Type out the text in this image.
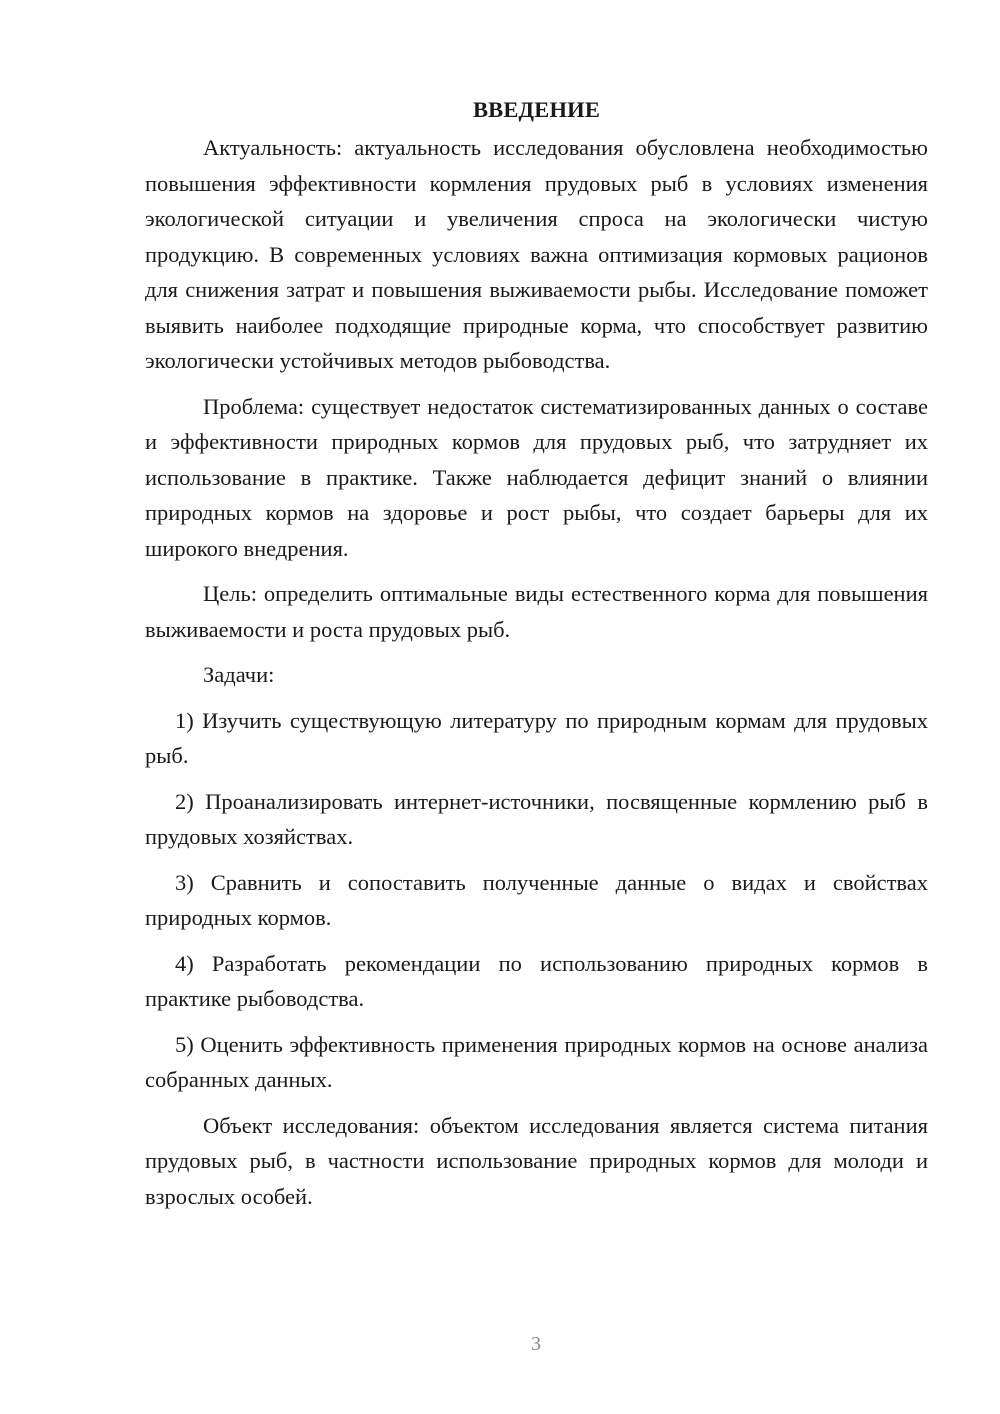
ВВЕДЕНИЕ

Актуальность: актуальность исследования обусловлена необходимостью повышения эффективности кормления прудовых рыб в условиях изменения экологической ситуации и увеличения спроса на экологически чистую продукцию. В современных условиях важна оптимизация кормовых рационов для снижения затрат и повышения выживаемости рыбы. Исследование поможет выявить наиболее подходящие природные корма, что способствует развитию экологически устойчивых методов рыбоводства.

Проблема: существует недостаток систематизированных данных о составе и эффективности природных кормов для прудовых рыб, что затрудняет их использование в практике. Также наблюдается дефицит знаний о влиянии природных кормов на здоровье и рост рыбы, что создает барьеры для их широкого внедрения.

Цель: определить оптимальные виды естественного корма для повышения выживаемости и роста прудовых рыб.

Задачи:

1) Изучить существующую литературу по природным кормам для прудовых рыб.

2) Проанализировать интернет-источники, посвященные кормлению рыб в прудовых хозяйствах.

3) Сравнить и сопоставить полученные данные о видах и свойствах природных кормов.

4) Разработать рекомендации по использованию природных кормов в практике рыбоводства.

5) Оценить эффективность применения природных кормов на основе анализа собранных данных.

Объект исследования: объектом исследования является система питания прудовых рыб, в частности использование природных кормов для молоди и взрослых особей.

3
